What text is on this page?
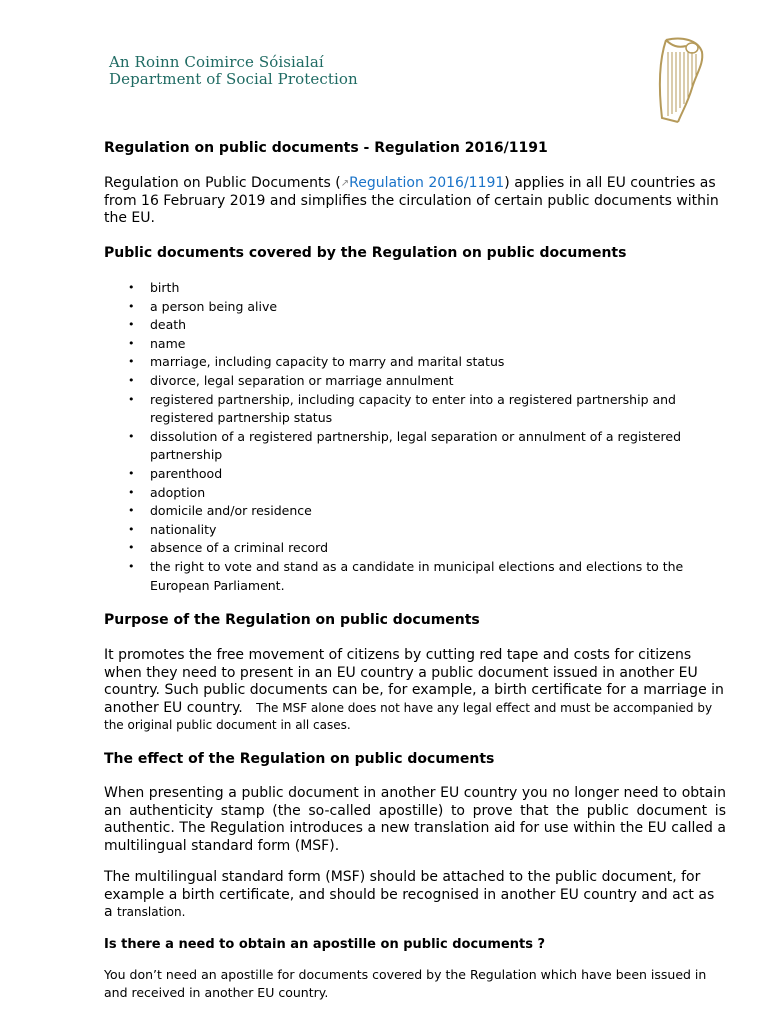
An Roinn Coimirce Sóisialaí
Department of Social Protection
Regulation on public documents - Regulation 2016/1191

Regulation on Public Documents (↗Regulation 2016/1191) applies in all EU countries as from 16 February 2019 and simplifies the circulation of certain public documents within the EU.

Public documents covered by the Regulation on public documents
• birth
• a person being alive
• death
• name
• marriage, including capacity to marry and marital status
• divorce, legal separation or marriage annulment
• registered partnership, including capacity to enter into a registered partnership and registered partnership status
• dissolution of a registered partnership, legal separation or annulment of a registered partnership
• parenthood
• adoption
• domicile and/or residence
• nationality
• absence of a criminal record
• the right to vote and stand as a candidate in municipal elections and elections to the European Parliament.
Purpose of the Regulation on public documents

It promotes the free movement of citizens by cutting red tape and costs for citizens when they need to present in an EU country a public document issued in another EU country. Such public documents can be, for example, a birth certificate for a marriage in another EU country. The MSF alone does not have any legal effect and must be accompanied by the original public document in all cases.

The effect of the Regulation on public documents

When presenting a public document in another EU country you no longer need to obtain an authenticity stamp (the so-called apostille) to prove that the public document is authentic. The Regulation introduces a new translation aid for use within the EU called a multilingual standard form (MSF).

The multilingual standard form (MSF) should be attached to the public document, for example a birth certificate, and should be recognised in another EU country and act as a translation.

Is there a need to obtain an apostille on public documents ?

You don’t need an apostille for documents covered by the Regulation which have been issued in and received in another EU country.
